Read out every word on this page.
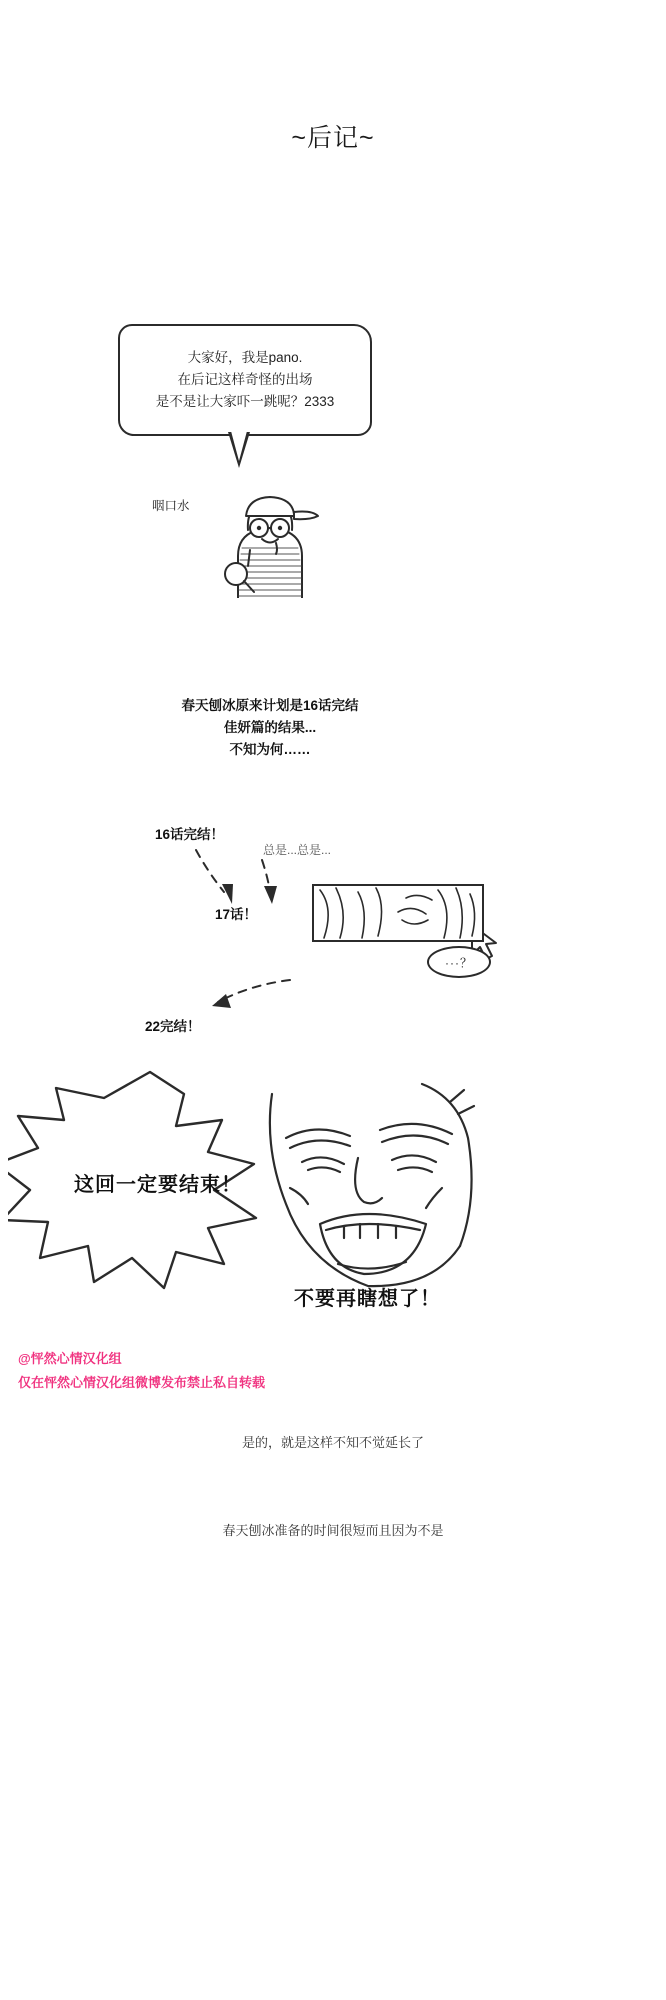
~后记~
大家好，我是pano.
在后记这样奇怪的出场
是不是让大家吓一跳呢？2333
咽口水
春天刨冰原来计划是16话完结
佳妍篇的结果...
不知为何……
16话完结！
总是...总是...
17话！
22完结！
···？
这回一定要结束！
不要再瞎想了！
@怦然心情汉化组
仅在怦然心情汉化组微博发布禁止私自转载
是的，就是这样不知不觉延长了
春天刨冰准备的时间很短而且因为不是
